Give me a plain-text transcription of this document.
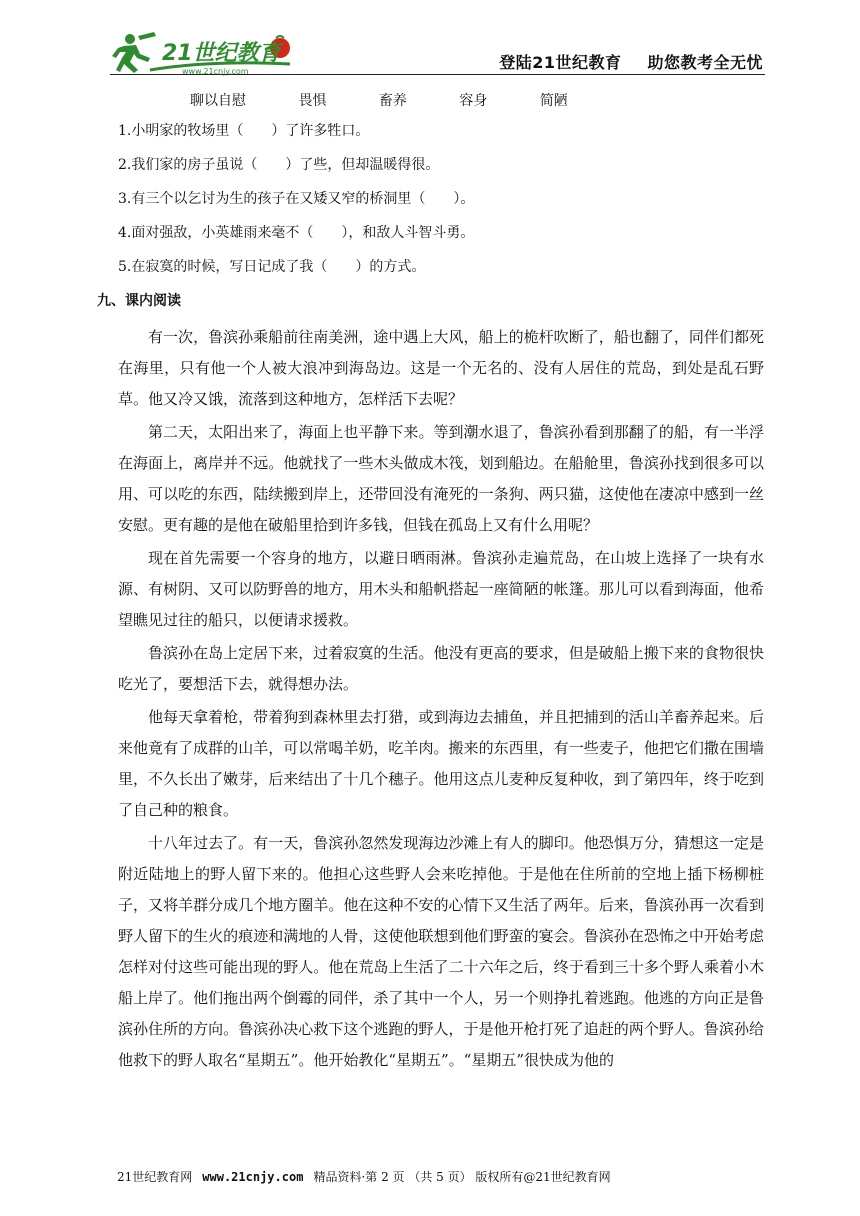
21世纪教育
www.21cnjy.com	登陆21世纪教育 助您教考全无忧
聊以自慰	畏惧	畜养	容身	简陋
1.小明家的牧场里（　　）了许多牲口。
2.我们家的房子虽说（　　）了些，但却温暖得很。
3.有三个以乞讨为生的孩子在又矮又窄的桥洞里（　　）。
4.面对强敌，小英雄雨来毫不（　　），和敌人斗智斗勇。
5.在寂寞的时候，写日记成了我（　　）的方式。
九、课内阅读

有一次，鲁滨孙乘船前往南美洲，途中遇上大风，船上的桅杆吹断了，船也翻了，同伴们都死在海里，只有他一个人被大浪冲到海岛边。这是一个无名的、没有人居住的荒岛，到处是乱石野草。他又冷又饿，流落到这种地方，怎样活下去呢？

第二天，太阳出来了，海面上也平静下来。等到潮水退了，鲁滨孙看到那翻了的船，有一半浮在海面上，离岸并不远。他就找了一些木头做成木筏，划到船边。在船舱里，鲁滨孙找到很多可以用、可以吃的东西，陆续搬到岸上，还带回没有淹死的一条狗、两只猫，这使他在凄凉中感到一丝安慰。更有趣的是他在破船里拾到许多钱，但钱在孤岛上又有什么用呢？

现在首先需要一个容身的地方，以避日晒雨淋。鲁滨孙走遍荒岛，在山坡上选择了一块有水源、有树阴、又可以防野兽的地方，用木头和船帆搭起一座简陋的帐篷。那儿可以看到海面，他希望瞧见过往的船只，以便请求援救。

鲁滨孙在岛上定居下来，过着寂寞的生活。他没有更高的要求，但是破船上搬下来的食物很快吃光了，要想活下去，就得想办法。

他每天拿着枪，带着狗到森林里去打猎，或到海边去捕鱼，并且把捕到的活山羊畜养起来。后来他竟有了成群的山羊，可以常喝羊奶，吃羊肉。搬来的东西里，有一些麦子，他把它们撒在围墙里，不久长出了嫩芽，后来结出了十几个穗子。他用这点儿麦种反复种收，到了第四年，终于吃到了自己种的粮食。

十八年过去了。有一天，鲁滨孙忽然发现海边沙滩上有人的脚印。他恐惧万分，猜想这一定是附近陆地上的野人留下来的。他担心这些野人会来吃掉他。于是他在住所前的空地上插下杨柳桩子，又将羊群分成几个地方圈羊。他在这种不安的心情下又生活了两年。后来，鲁滨孙再一次看到野人留下的生火的痕迹和满地的人骨，这使他联想到他们野蛮的宴会。鲁滨孙在恐怖之中开始考虑怎样对付这些可能出现的野人。他在荒岛上生活了二十六年之后，终于看到三十多个野人乘着小木船上岸了。他们拖出两个倒霉的同伴，杀了其中一个人，另一个则挣扎着逃跑。他逃的方向正是鲁滨孙住所的方向。鲁滨孙决心救下这个逃跑的野人，于是他开枪打死了追赶的两个野人。鲁滨孙给他救下的野人取名“星期五”。他开始教化“星期五”。“星期五”很快成为他的

21世纪教育网 www.21cnjy.com 精品资料·第 2 页 （共 5 页） 版权所有@21世纪教育网
